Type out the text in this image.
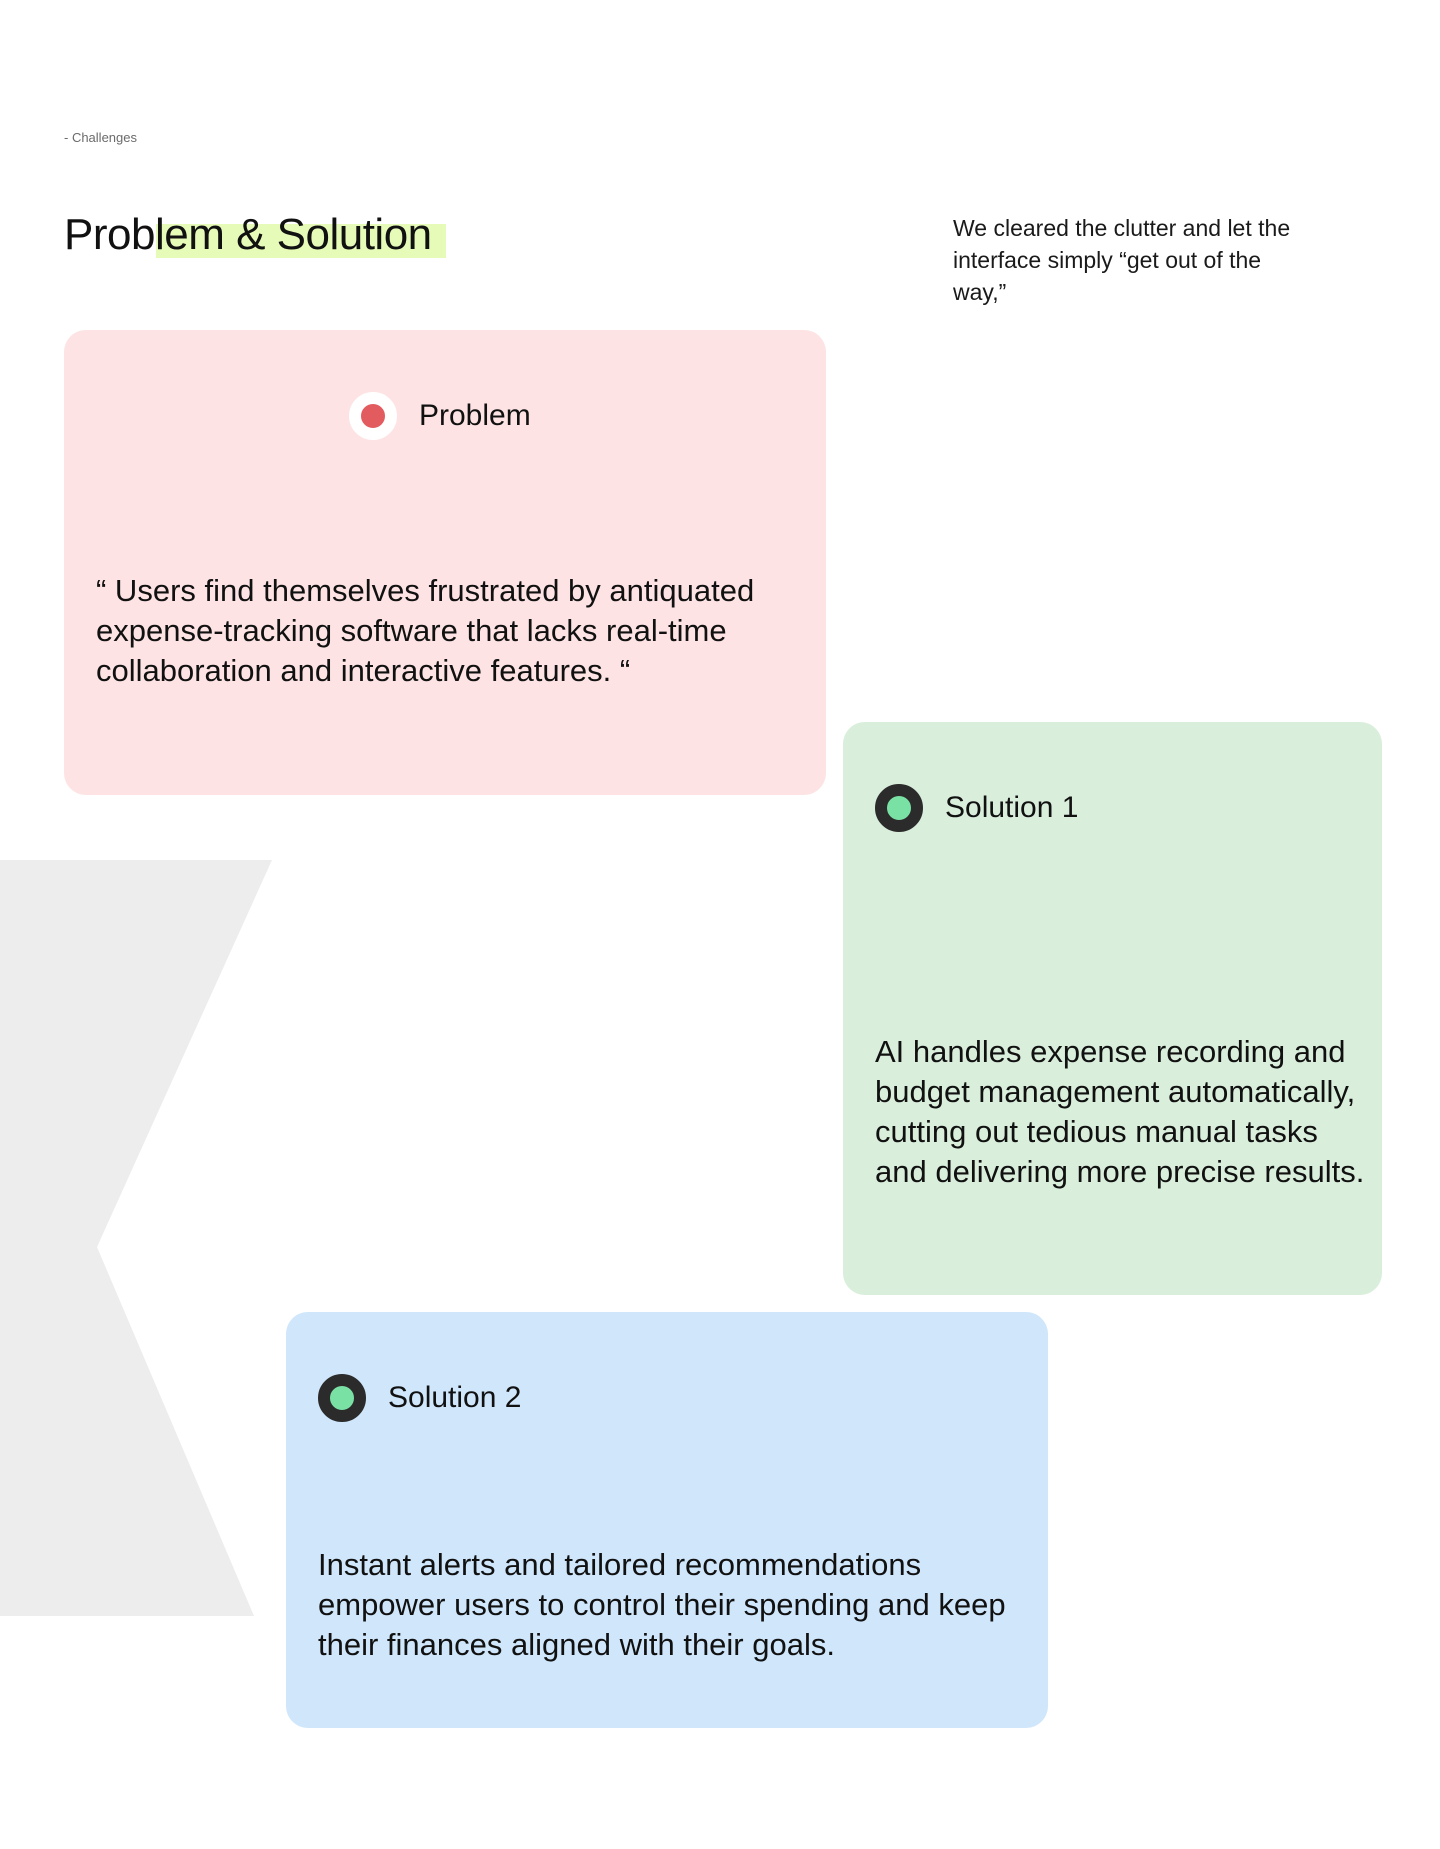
- Challenges
Problem & Solution	We cleared the clutter and let the interface simply “get out of the way,”

Problem

“ Users find themselves frustrated by antiquated expense-tracking software that lacks real-time collaboration and interactive features. “

Solution 1

AI handles expense recording and budget management automatically, cutting out tedious manual tasks and delivering more precise results.

Solution 2

Instant alerts and tailored recommendations empower users to control their spending and keep their finances aligned with their goals.
